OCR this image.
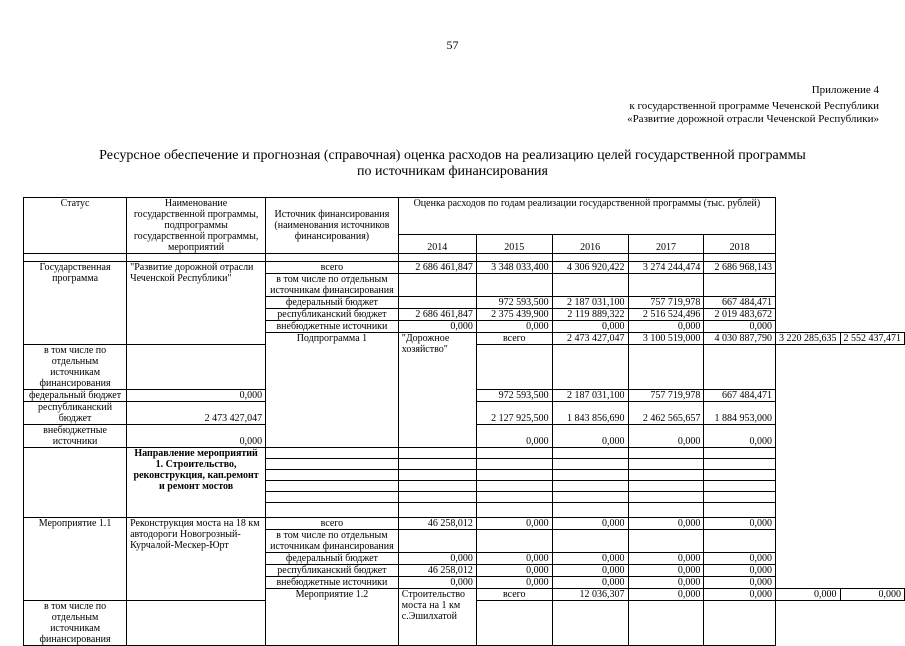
57
Приложение 4
к государственной программе Чеченской Республики
«Развитие дорожной отрасли Чеченской Республики»
Ресурсное обеспечение и прогнозная (справочная) оценка расходов на реализацию целей государственной программы
по источникам финансирования
Статус	Наименование государственной программы, подпрограммы государственной программы, мероприятий	Источник финансирования (наименования источников финансирования)	Оценка расходов по годам реализации государственной программы (тыс. рублей)						
			2014	2015	2016	2017	2018		

Государственная программа	"Развитие дорожной отрасли Чеченской Республики"	всего	2 686 461,847	3 348 033,400	4 306 920,422	3 274 244,474	2 686 968,143		
		в том числе по отдельным источникам финансирования							
		федеральный бюджет		972 593,500	2 187 031,100	757 719,978	667 484,471		
		республиканский бюджет	2 686 461,847	2 375 439,900	2 119 889,322	2 516 524,496	2 019 483,672		
		внебюджетные источники	0,000	0,000	0,000	0,000	0,000		
		Подпрограмма 1	"Дорожное хозяйство"	всего	2 473 427,047	3 100 519,000	4 030 887,790	3 220 285,635	2 552 437,471
в том числе по отдельным источникам финансирования									
федеральный бюджет	0,000			972 593,500	2 187 031,100	757 719,978	667 484,471		
республиканский бюджет	2 473 427,047			2 127 925,500	1 843 856,690	2 462 565,657	1 884 953,000		
внебюджетные источники	0,000			0,000	0,000	0,000	0,000		
	Направление мероприятий 1. Строительство, реконструкция, кап.ремонт и ремонт мостов								

Мероприятие 1.1	Реконструкция моста на 18 км автодороги Новогрозный-Курчалой-Мескер-Юрт	всего	46 258,012	0,000	0,000	0,000	0,000		
		в том числе по отдельным источникам финансирования							
		федеральный бюджет	0,000	0,000	0,000	0,000	0,000		
		республиканский бюджет	46 258,012	0,000	0,000	0,000	0,000		
		внебюджетные источники	0,000	0,000	0,000	0,000	0,000		
		Мероприятие 1.2	Строительство моста на 1 км с.Эшилхатой	всего	12 036,307	0,000	0,000	0,000	0,000
в том числе по отдельным источникам финансирования									
